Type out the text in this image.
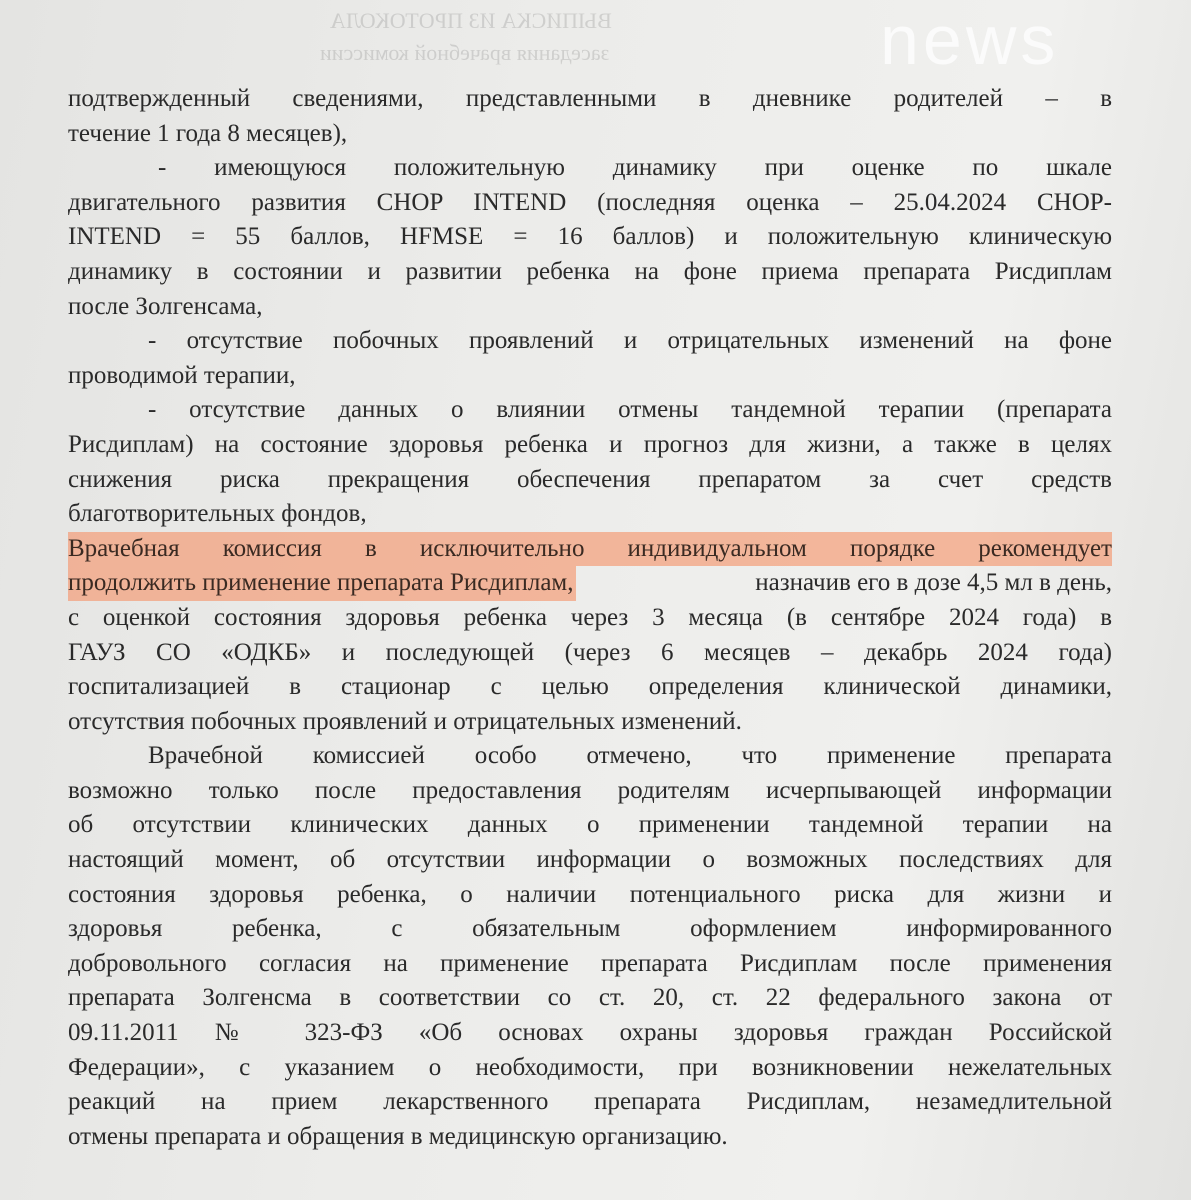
ВЫПИСКА ИЗ ПРОТОКОЛА
заседания врачебной комиссии	news
подтвержденный сведениями, представленными в дневнике родителей – в
течение 1 года 8 месяцев),
- имеющуюся положительную динамику при оценке по шкале
двигательного развития CHOP INTEND (последняя оценка – 25.04.2024 CHOP-
INTEND = 55 баллов, HFMSE = 16 баллов) и положительную клиническую
динамику в состоянии и развитии ребенка на фоне приема препарата Рисдиплам
после Золгенсама,
- отсутствие побочных проявлений и отрицательных изменений на фоне
проводимой терапии,
- отсутствие данных о влиянии отмены тандемной терапии (препарата
Рисдиплам) на состояние здоровья ребенка и прогноз для жизни, а также в целях
снижения риска прекращения обеспечения препаратом за счет средств
благотворительных фондов,
Врачебная комиссия в исключительно индивидуальном порядке рекомендует
продолжить применение препарата Рисдиплам,	назначив его в дозе 4,5 мл в день,
с оценкой состояния здоровья ребенка через 3 месяца (в сентябре 2024 года) в
ГАУЗ СО «ОДКБ» и последующей (через 6 месяцев – декабрь 2024 года)
госпитализацией в стационар с целью определения клинической динамики,
отсутствия побочных проявлений и отрицательных изменений.
Врачебной комиссией особо отмечено, что применение препарата
возможно только после предоставления родителям исчерпывающей информации
об отсутствии клинических данных о применении тандемной терапии на
настоящий момент, об отсутствии информации о возможных последствиях для
состояния здоровья ребенка, о наличии потенциального риска для жизни и
здоровья ребенка, с обязательным оформлением информированного
добровольного согласия на применение препарата Рисдиплам после применения
препарата Золгенсма в соответствии со ст. 20, ст. 22 федерального закона от
09.11.2011 № 323-ФЗ «Об основах охраны здоровья граждан Российской
Федерации», с указанием о необходимости, при возникновении нежелательных
реакций на прием лекарственного препарата Рисдиплам, незамедлительной
отмены препарата и обращения в медицинскую организацию.
